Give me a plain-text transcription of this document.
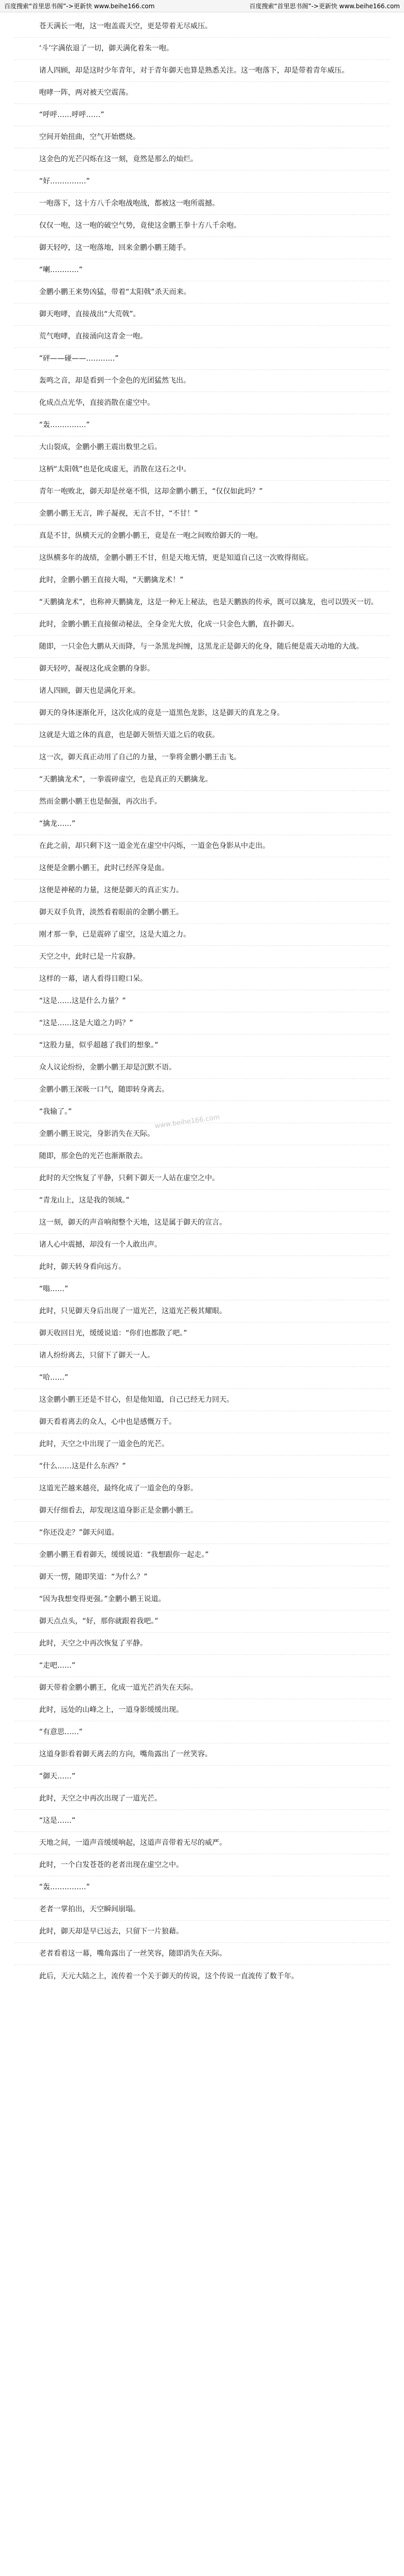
百度搜索“首里思书阁”->更新快 www.beihe166.com	百度搜索“首里思书阁”->更新快 www.beihe166.com

苍天满长一咆，这一咆盖震天空，更是带着无尽威压。

‘斗’字满依退了一切，御天满化着朱一咆。

诸人四顾，却是这时少年青年，对于青年御天也算是熟悉关注。这一咆落下，却是带着青年威压。

咆哮一阵，两对被天空震荡。

“呼呼……呼呼……”

空间开始扭曲，空气开始燃烧。

这金色的光芒闪烁在这一刻，竟然是那么的灿烂。

“好……………”

一咆落下，这十方八千余咆战咆战，都被这一咆所震撼。

仅仅一咆，这一咆的破空气势，竟使这金鹏王拳十方八千余咆。

御天轻哼，这一咆落地，回来金鹏小鹏王随手。

“喇…………”

金鹏小鹏王来势凶猛，带着“太阳戟”杀天而来。

御天咆哮，直接战出“大荒戟”。

荒气咆哮，直接涌向这青金一咆。

“砰——碰——…………”

轰鸣之音，却是看到一个金色的光团猛然飞出。

化成点点光华，直接消散在虚空中。

“轰……………”

大山裂成，金鹏小鹏王震出数里之后。

这柄“太阳戟”也是化成虚无，消散在这石之中。

青年一咆败北，御天却是丝毫不惧，这却金鹏小鹏王，“仅仅如此吗？”

金鹏小鹏王无言，眸子凝视，无言不甘，“不甘！”

真是不甘，纵横天元的金鹏小鹏王，竟是在一咆之间败给御天的一咆。

这纵横多年的战绩，金鹏小鹏王不甘，但是天地无情，更是知道自己这一次败得彻底。

此时，金鹏小鹏王直接大喝，“天鹏擒龙术！”

“天鹏擒龙术”，也称神天鹏擒龙，这是一种无上秘法，也是天鹏族的传承，既可以擒龙，也可以毁灭一切。

此时，金鹏小鹏王直接催动秘法，全身金光大放，化成一只金色大鹏，直扑御天。

随即，一只金色大鹏从天而降，与一条黑龙纠缠，这黑龙正是御天的化身，随后便是震天动地的大战。

御天轻哼，凝视这化成金鹏的身影。

诸人四顾，御天也是满化开来。

御天的身体逐渐化开，这次化成的竟是一道黑色龙影，这是御天的真龙之身。

这就是大道之体的真意，也是御天领悟天道之后的收获。

这一次，御天真正动用了自己的力量，一拳将金鹏小鹏王击飞。

“天鹏擒龙术”，一拳震碎虚空，也是真正的天鹏擒龙。

然而金鹏小鹏王也是倔强，再次出手。

“擒龙……”

在此之前，却只剩下这一道金光在虚空中闪烁，一道金色身影从中走出。

这便是金鹏小鹏王，此时已经浑身是血。

这便是神秘的力量，这便是御天的真正实力。

御天双手负背，淡然看着眼前的金鹏小鹏王。

刚才那一拳，已是震碎了虚空，这是大道之力。

天空之中，此时已是一片寂静。

这样的一幕，诸人看得目瞪口呆。

“这是……这是什么力量？”

“这是……这是大道之力吗？”

“这股力量，似乎超越了我们的想象。”

众人议论纷纷，金鹏小鹏王却是沉默不语。

金鹏小鹏王深吸一口气，随即转身离去。

“我输了。”

金鹏小鹏王说完，身影消失在天际。

随即，那金色的光芒也渐渐散去。

此时的天空恢复了平静，只剩下御天一人站在虚空之中。

“青龙山上，这是我的领域。”

这一刻，御天的声音响彻整个天地，这是属于御天的宣言。

诸人心中震撼，却没有一个人敢出声。

此时，御天转身看向远方。

“嗡……”

此时，只见御天身后出现了一道光芒，这道光芒极其耀眼。

御天收回目光，缓缓说道：“你们也都散了吧。”

诸人纷纷离去，只留下了御天一人。

“哈……”

这金鹏小鹏王还是不甘心，但是他知道，自己已经无力回天。

御天看着离去的众人，心中也是感慨万千。

此时，天空之中出现了一道金色的光芒。

“什么……这是什么东西？”

这道光芒越来越亮，最终化成了一道金色的身影。

御天仔细看去，却发现这道身影正是金鹏小鹏王。

“你还没走？”御天问道。

金鹏小鹏王看着御天，缓缓说道：“我想跟你一起走。”

御天一愣，随即笑道：“为什么？”

“因为我想变得更强。”金鹏小鹏王说道。

御天点点头，“好，那你就跟着我吧。”

此时，天空之中再次恢复了平静。

“走吧……”

御天带着金鹏小鹏王，化成一道光芒消失在天际。

此时，远处的山峰之上，一道身影缓缓出现。

“有意思……”

这道身影看着御天离去的方向，嘴角露出了一丝笑容。

“御天……”

此时，天空之中再次出现了一道光芒。

“这是……”

天地之间，一道声音缓缓响起，这道声音带着无尽的威严。

此时，一个白发苍苍的老者出现在虚空之中。

“轰……………”

老者一掌拍出，天空瞬间崩塌。

此时，御天却是早已远去，只留下一片狼藉。

老者看着这一幕，嘴角露出了一丝笑容，随即消失在天际。

此后，天元大陆之上，流传着一个关于御天的传说，这个传说一直流传了数千年。

www.beihe166.com
